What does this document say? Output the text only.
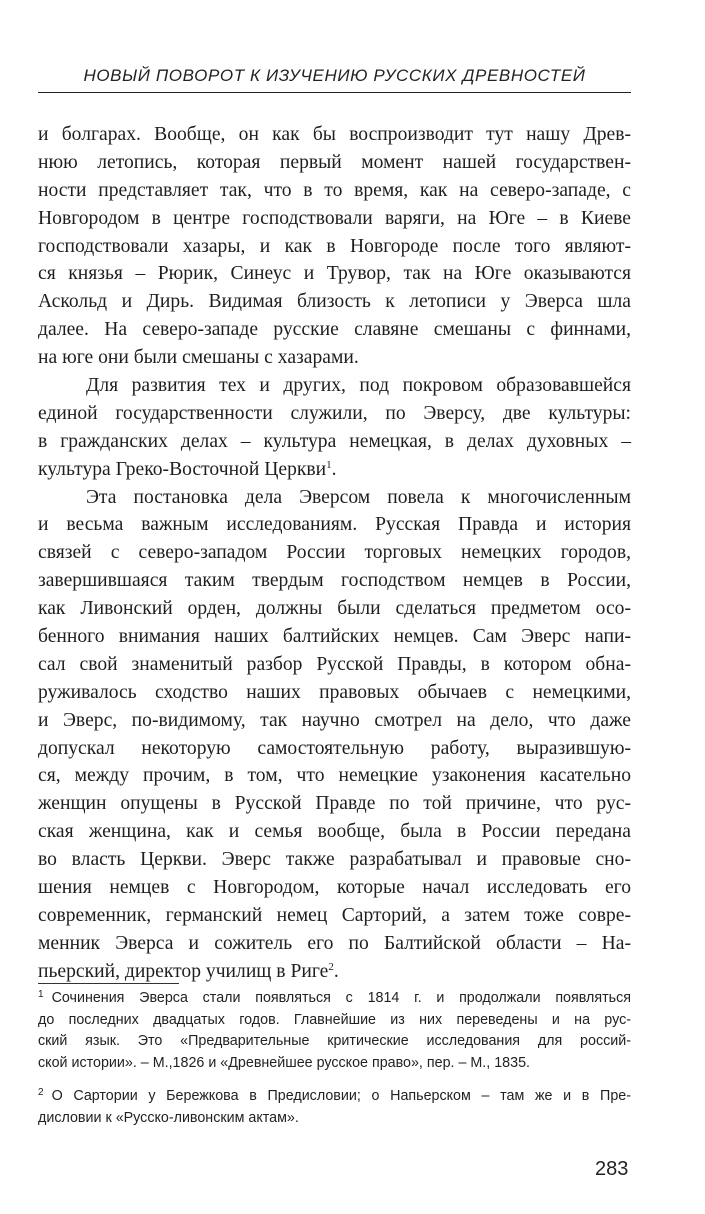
НОВЫЙ ПОВОРОТ К ИЗУЧЕНИЮ РУССКИХ ДРЕВНОСТЕЙ
и болгарах. Вообще, он как бы воспроизводит тут нашу Древ-
нюю летопись, которая первый момент нашей государствен-
ности представляет так, что в то время, как на северо-западе, с
Новгородом в центре господствовали варяги, на Юге – в Киеве
господствовали хазары, и как в Новгороде после того являют-
ся князья – Рюрик, Синеус и Трувор, так на Юге оказываются
Аскольд и Дирь. Видимая близость к летописи у Эверса шла
далее. На северо-западе русские славяне смешаны с финнами,
на юге они были смешаны с хазарами.
Для развития тех и других, под покровом образовавшейся
единой государственности служили, по Эверсу, две культуры:
в гражданских делах – культура немецкая, в делах духовных –
культура Греко-Восточной Церкви$^1$.
Эта постановка дела Эверсом повела к многочисленным
и весьма важным исследованиям. Русская Правда и история
связей с северо-западом России торговых немецких городов,
завершившаяся таким твердым господством немцев в России,
как Ливонский орден, должны были сделаться предметом осо-
бенного внимания наших балтийских немцев. Сам Эверс напи-
сал свой знаменитый разбор Русской Правды, в котором обна-
руживалось сходство наших правовых обычаев с немецкими,
и Эверс, по-видимому, так научно смотрел на дело, что даже
допускал некоторую самостоятельную работу, выразившую-
ся, между прочим, в том, что немецкие узаконения касательно
женщин опущены в Русской Правде по той причине, что рус-
ская женщина, как и семья вообще, была в России передана
во власть Церкви. Эверс также разрабатывал и правовые сно-
шения немцев с Новгородом, которые начал исследовать его
современник, германский немец Сарторий, а затем тоже совре-
менник Эверса и сожитель его по Балтийской области – На-
пьерский, директор училищ в Риге$^2$.
$^1$ Сочинения Эверса стали появляться с 1814 г. и продолжали появляться
до последних двадцатых годов. Главнейшие из них переведены и на рус-
ский язык. Это «Предварительные критические исследования для россий-
ской истории». – М.,1826 и «Древнейшее русское право», пер. – М., 1835.
$^2$ О Сартории у Бережкова в Предисловии; о Напьерском – там же и в Пре-
дисловии к «Русско-ливонским актам».
283
